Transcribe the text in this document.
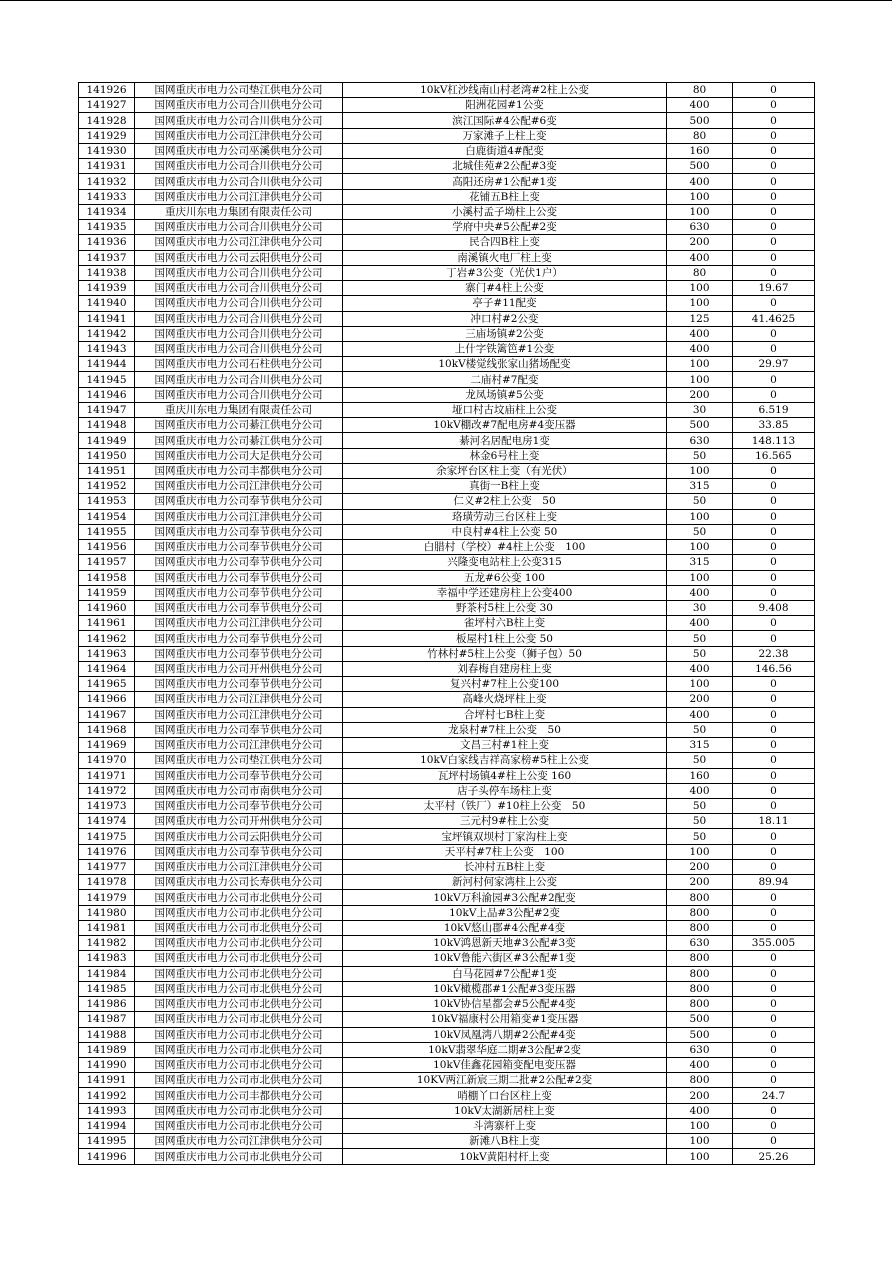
141926	国网重庆市电力公司垫江供电分公司	10kV杠沙线南山村老湾#2柱上公变	80	0
141927	国网重庆市电力公司合川供电分公司	阳洲花园#1公变	400	0
141928	国网重庆市电力公司合川供电分公司	滨江国际#4公配#6变	500	0
141929	国网重庆市电力公司江津供电分公司	万家滩子上柱上变	80	0
141930	国网重庆市电力公司巫溪供电分公司	白鹿街道4#配变	160	0
141931	国网重庆市电力公司合川供电分公司	北城佳苑#2公配#3变	500	0
141932	国网重庆市电力公司合川供电分公司	高阳还房#1公配#1变	400	0
141933	国网重庆市电力公司江津供电分公司	花铺五B柱上变	100	0
141934	重庆川东电力集团有限责任公司	小溪村孟子坳柱上公变	100	0
141935	国网重庆市电力公司合川供电分公司	学府中央#5公配#2变	630	0
141936	国网重庆市电力公司江津供电分公司	民合四B柱上变	200	0
141937	国网重庆市电力公司云阳供电分公司	南溪镇火电厂柱上变	400	0
141938	国网重庆市电力公司合川供电分公司	丁岩#3公变（光伏1户）	80	0
141939	国网重庆市电力公司合川供电分公司	寨门#4柱上公变	100	19.67
141940	国网重庆市电力公司合川供电分公司	亭子#11配变	100	0
141941	国网重庆市电力公司合川供电分公司	冲口村#2公变	125	41.4625
141942	国网重庆市电力公司合川供电分公司	三庙场镇#2公变	400	0
141943	国网重庆市电力公司合川供电分公司	上什字铁篱笆#1公变	400	0
141944	国网重庆市电力公司石柱供电分公司	10kV楼觉线张家山猪场配变	100	29.97
141945	国网重庆市电力公司合川供电分公司	二庙村#7配变	100	0
141946	国网重庆市电力公司合川供电分公司	龙凤场镇#5公变	200	0
141947	重庆川东电力集团有限责任公司	垭口村古坟庙柱上公变	30	6.519
141948	国网重庆市电力公司綦江供电分公司	10kV棚改#7配电房#4变压器	500	33.85
141949	国网重庆市电力公司綦江供电分公司	綦河名居配电房1变	630	148.113
141950	国网重庆市电力公司大足供电分公司	林金6号柱上变	50	16.565
141951	国网重庆市电力公司丰都供电分公司	余家坪台区柱上变（有光伏）	100	0
141952	国网重庆市电力公司江津供电分公司	真街一B柱上变	315	0
141953	国网重庆市电力公司奉节供电分公司	仁义#2柱上公变　50	50	0
141954	国网重庆市电力公司江津供电分公司	珞璜劳动三台区柱上变	100	0
141955	国网重庆市电力公司奉节供电分公司	中良村#4柱上公变 50	50	0
141956	国网重庆市电力公司奉节供电分公司	白腊村（学校）#4柱上公变　100	100	0
141957	国网重庆市电力公司奉节供电分公司	兴隆变电站柱上公变315	315	0
141958	国网重庆市电力公司奉节供电分公司	五龙#6公变 100	100	0
141959	国网重庆市电力公司奉节供电分公司	幸福中学还建房柱上公变400	400	0
141960	国网重庆市电力公司奉节供电分公司	野茶村5柱上公变 30	30	9.408
141961	国网重庆市电力公司江津供电分公司	雀坪村六B柱上变	400	0
141962	国网重庆市电力公司奉节供电分公司	板屋村1柱上公变 50	50	0
141963	国网重庆市电力公司奉节供电分公司	竹林村#5柱上公变（狮子包）50	50	22.38
141964	国网重庆市电力公司开州供电分公司	刘春梅自建房柱上变	400	146.56
141965	国网重庆市电力公司奉节供电分公司	复兴村#7柱上公变100	100	0
141966	国网重庆市电力公司江津供电分公司	高峰火烧坪柱上变	200	0
141967	国网重庆市电力公司江津供电分公司	合坪村七B柱上变	400	0
141968	国网重庆市电力公司奉节供电分公司	龙泉村#7柱上公变　50	50	0
141969	国网重庆市电力公司江津供电分公司	文昌三村#1柱上变	315	0
141970	国网重庆市电力公司垫江供电分公司	10kV白家线吉祥高家榜#5柱上公变	50	0
141971	国网重庆市电力公司奉节供电分公司	瓦坪村场镇4#柱上公变 160	160	0
141972	国网重庆市电力公司市南供电分公司	店子头停车场柱上变	400	0
141973	国网重庆市电力公司奉节供电分公司	太平村（铁厂）#10柱上公变　50	50	0
141974	国网重庆市电力公司开州供电分公司	三元村9#柱上公变	50	18.11
141975	国网重庆市电力公司云阳供电分公司	宝坪镇双坝村丁家沟柱上变	50	0
141976	国网重庆市电力公司奉节供电分公司	天平村#7柱上公变　100	100	0
141977	国网重庆市电力公司江津供电分公司	长冲村五B柱上变	200	0
141978	国网重庆市电力公司长寿供电分公司	新河村何家湾柱上公变	200	89.94
141979	国网重庆市电力公司市北供电分公司	10kV万科渝园#3公配#2配变	800	0
141980	国网重庆市电力公司市北供电分公司	10kV上品#3公配#2变	800	0
141981	国网重庆市电力公司市北供电分公司	10kV悠山郡#4公配#4变	800	0
141982	国网重庆市电力公司市北供电分公司	10kV鸿恩新天地#3公配#3变	630	355.005
141983	国网重庆市电力公司市北供电分公司	10kV鲁能六街区#3公配#1变	800	0
141984	国网重庆市电力公司市北供电分公司	白马花园#7公配#1变	800	0
141985	国网重庆市电力公司市北供电分公司	10kV橄榄郡#1公配#3变压器	800	0
141986	国网重庆市电力公司市北供电分公司	10kV协信星都会#5公配#4变	800	0
141987	国网重庆市电力公司市北供电分公司	10kV福康村公用箱变#1变压器	500	0
141988	国网重庆市电力公司市北供电分公司	10kV凤凰湾八期#2公配#4变	500	0
141989	国网重庆市电力公司市北供电分公司	10kV翡翠华庭二期#3公配#2变	630	0
141990	国网重庆市电力公司市北供电分公司	10kV佳鑫花园箱变配电变压器	400	0
141991	国网重庆市电力公司市北供电分公司	10KV两江新宸三期二批#2公配#2变	800	0
141992	国网重庆市电力公司丰都供电分公司	哨棚丫口台区柱上变	200	24.7
141993	国网重庆市电力公司市北供电分公司	10kV太湖新居柱上变	400	0
141994	国网重庆市电力公司市北供电分公司	斗湾寨杆上变	100	0
141995	国网重庆市电力公司江津供电分公司	新滩八B柱上变	100	0
141996	国网重庆市电力公司市北供电分公司	10kV黄阳村杆上变	100	25.26
